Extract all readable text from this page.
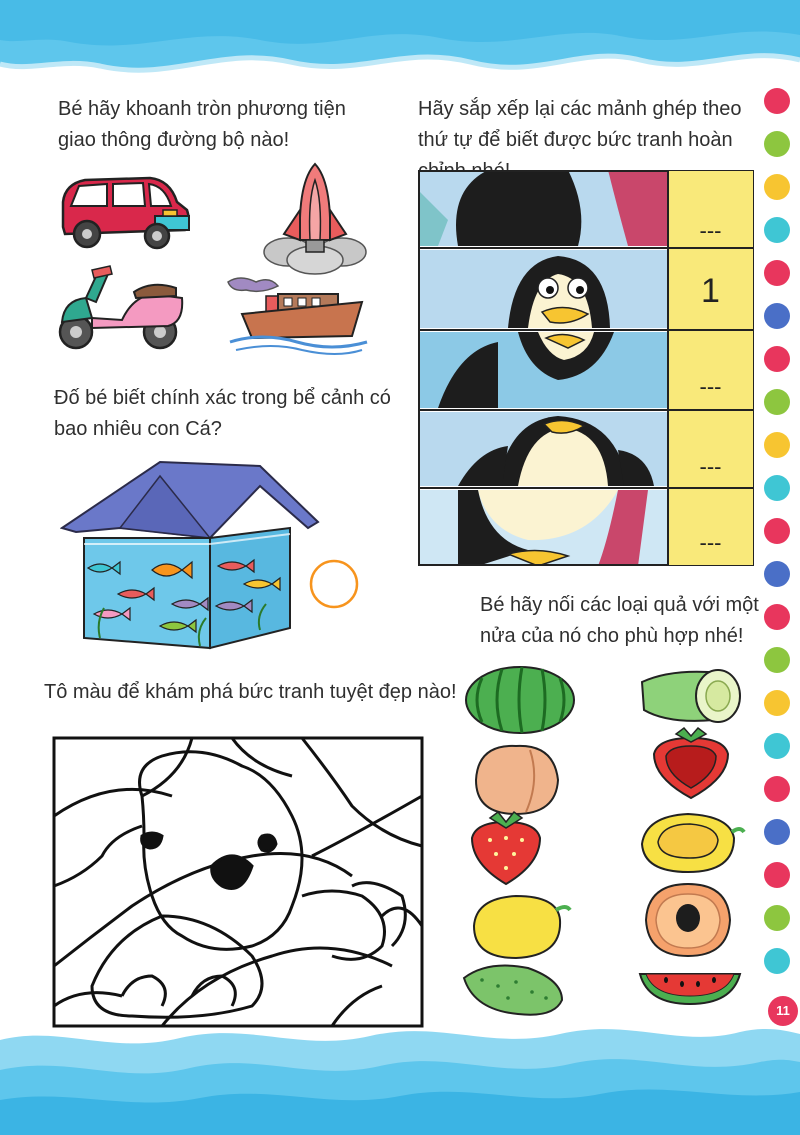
Bé hãy khoanh tròn phương tiện giao thông đường bộ nào!
Đố bé biết chính xác trong bể cảnh có bao nhiêu con Cá?
Tô màu để khám phá bức tranh tuyệt đẹp nào!
Hãy sắp xếp lại các mảnh ghép theo thứ tự để biết được bức tranh hoàn
Bé hãy nối các loại quả với một nửa của nó cho phù hợp nhé!
---
1
---
---
---
11
